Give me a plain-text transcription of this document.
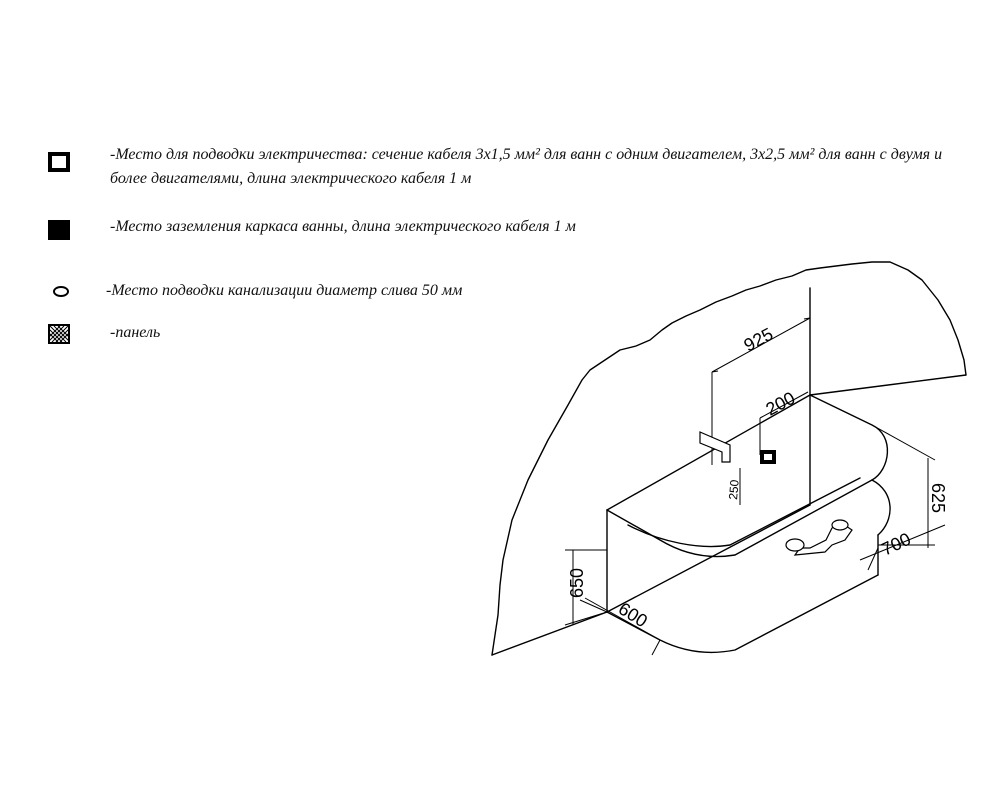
-Место для подводки электричества: сечение кабеля 3x1,5 мм² для ванн с одним двигателем, 3x2,5 мм² для ванн с двумя и
более двигателями, длина электрического кабеля 1 м
-Место заземления каркаса ванны, длина электрического кабеля 1 м
-Место подводки канализации диаметр слива 50 мм
-панель	925
200
250	625
700
650
600
